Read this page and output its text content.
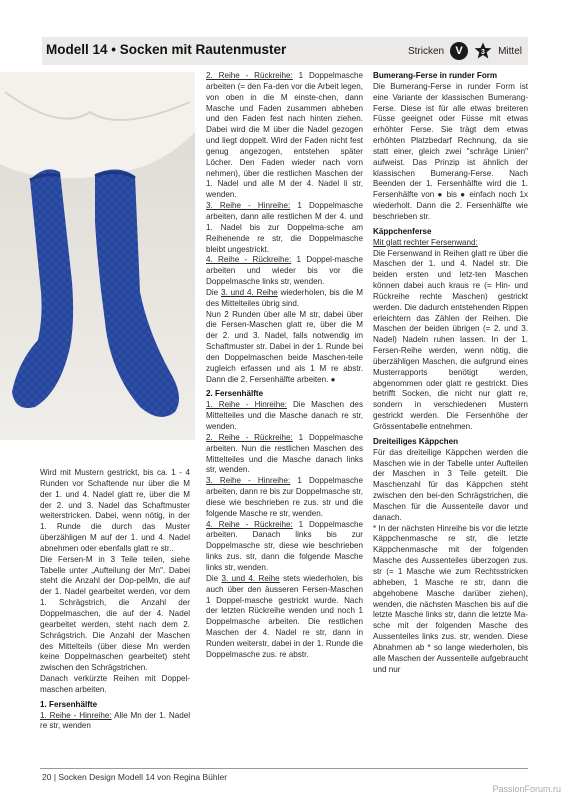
Modell 14 • Socken mit Rautenmuster	Stricken	V	3 Mittel

Wird mit Mustern gestrickt, bis ca. 1 - 4 Runden vor Schaftende nur über die M der 1. und 4. Nadel glatt re, über die M der 2. und 3. Nadel das Schaftmuster weiterstricken. Dabei, wenn nötig, in der 1. Runde die durch das Muster überzähligen M auf der 1. und 4. Nadel abnehmen oder ebenfalls glatt re str..

Die Fersen-M in 3 Teile teilen, siehe Tabelle unter „Aufteilung der Mn". Dabei steht die Anzahl der Dop-pelMn, die auf der 1. Nadel gearbeitet werden, vor dem 1. Schrägstrich, die Anzahl der Doppelmaschen, die auf der 4. Nadel gearbeitet werden, steht nach dem 2. Schrägstrich. Die Anzahl der Maschen des Mittelteils (über diese Mn werden keine Doppelmaschen gearbeitet) steht zwischen den Schrägstrichen.

Danach verkürzte Reihen mit Doppel-maschen arbeiten.

1. Fersenhälfte

1. Reihe - Hinreihe: Alle Mn der 1. Nadel re str, wenden

2. Reihe - Rückreihe: 1 Doppelmasche arbeiten (= den Fa-den vor die Arbeit legen, von oben in die M einste-chen, dann Masche und Faden zusammen abheben und den Faden fest nach hinten ziehen. Dabei wird die M über die Nadel gezogen und liegt doppelt. Wird der Faden nicht fest genug angezogen, entstehen später Löcher. Den Faden wieder nach vorn nehmen), über die restlichen Maschen der 1. Nadel und alle M der 4. Nadel li str, wenden.

3. Reihe - Hinreihe: 1 Doppelmasche arbeiten, dann alle restlichen M der 4. und 1. Nadel bis zur Doppelma-sche am Reihenende re str, die Doppelmasche bleibt ungestrickt.

4. Reihe - Rückreihe: 1 Doppel-masche arbeiten und wieder bis vor die Doppelmasche links str, wenden.

Die 3. und 4. Reihe wiederholen, bis die M des Mittelteiles übrig sind.

Nun 2 Runden über alle M str, dabei über die Fersen-Maschen glatt re, über die M der 2. und 3. Nadel, falls notwendig im Schaftmuster str. Dabei in der 1. Runde bei den Doppelmaschen beide Maschen-teile zugleich erfassen und als 1 M re abstr. Dann die 2. Fersenhälfte arbeiten. ●

2. Fersenhälfte

1. Reihe - Hinreihe: Die Maschen des Mittelteiles und die Masche danach re str, wenden.

2. Reihe - Rückreihe: 1 Doppelmasche arbeiten. Nun die restlichen Maschen des Mittelteiles und die Masche danach links str, wenden.

3. Reihe - Hinreihe: 1 Doppelmasche arbeiten, dann re bis zur Doppelmasche str, diese wie beschrieben re zus. str und die folgende Masche re str, wenden.

4. Reihe - Rückreihe: 1 Doppelmasche arbeiten. Danach links bis zur Doppelmasche str, diese wie beschrieben links zus. str, dann die folgende Masche links str, wenden.

Die 3. und 4. Reihe stets wiederholen, bis auch über den äusseren Fersen-Maschen 1 Doppel-masche gestrickt wurde. Nach der letzten Rückreihe wenden und noch 1 Doppelmasche arbeiten. Die restlichen Maschen der 4. Nadel re str, dann in Runden weiterstr, dabei in der 1. Runde die Doppelmasche zus. re abstr.

Bumerang-Ferse in runder Form

Die Bumerang-Ferse in runder Form ist eine Variante der klassischen Bumerang-Ferse. Diese ist für alle etwas breiteren Füsse geeignet oder Füsse mit etwas erhöhter Ferse. Sie trägt dem etwas erhöhten Platzbedarf Rechnung, da sie statt einer, gleich zwei "schräge Linien" aufweist. Das Prinzip ist ähnlich der klassischen Bumerang-Ferse. Nach Beenden der 1. Fersenhälfte wird die 1. Fersenhälfte von ● bis ● einfach noch 1x wiederholt. Dann die 2. Fersenhälfte wie beschrieben str.

Käppchenferse

Mit glatt rechter Fersenwand:

Die Fersenwand in Reihen glatt re über die Maschen der 1. und 4. Nadel str. Die beiden ersten und letz-ten Maschen können dabei auch kraus re (= Hin- und Rückreihe rechte Maschen) gestrickt werden. Die dadurch entstehenden Rippen erleichtern das Zählen der Reihen. Die Maschen der beiden übrigen (= 2. und 3. Nadel) Nadeln ruhen lassen. In der 1. Fersen-Reihe werden, wenn nötig, die überzähligen Maschen, die aufgrund eines Musterrapports benötigt werden, abgenommen oder glatt re gestrickt. Dies betrifft Socken, die nicht nur glatt re, sondern in verschiedenen Mustern gestrickt werden. Die Fersenhöhe der Grössentabelle entnehmen.

Dreiteiliges Käppchen

Für das dreiteilige Käppchen werden die Maschen wie in der Tabelle unter Aufteilen der Maschen in 3 Teile geteilt. Die Maschenzahl für das Käppchen steht zwischen den bei-den Schrägstrichen, die Maschen für die Aussenteile davor und danach.

* In der nächsten Hinreihe bis vor die letzte Käppchenmasche re str, die letzte Käppchenmasche mit der folgenden Masche des Aussenteiles überzogen zus. str (= 1 Masche wie zum Rechtsstricken abheben, 1 Masche re str, dann die abgehobene Masche darüber ziehen), wenden, die nächsten Maschen bis auf die letzte Masche links str, dann die letzte Ma-sche mit der folgenden Masche des Aussenteiles links zus. str, wenden. Diese Abnahmen ab * so lange wiederholen, bis alle Maschen der Aussenteile aufgebraucht und nur

20 | Socken Design Modell 14 von Regina Bühler
PassionForum.ru
